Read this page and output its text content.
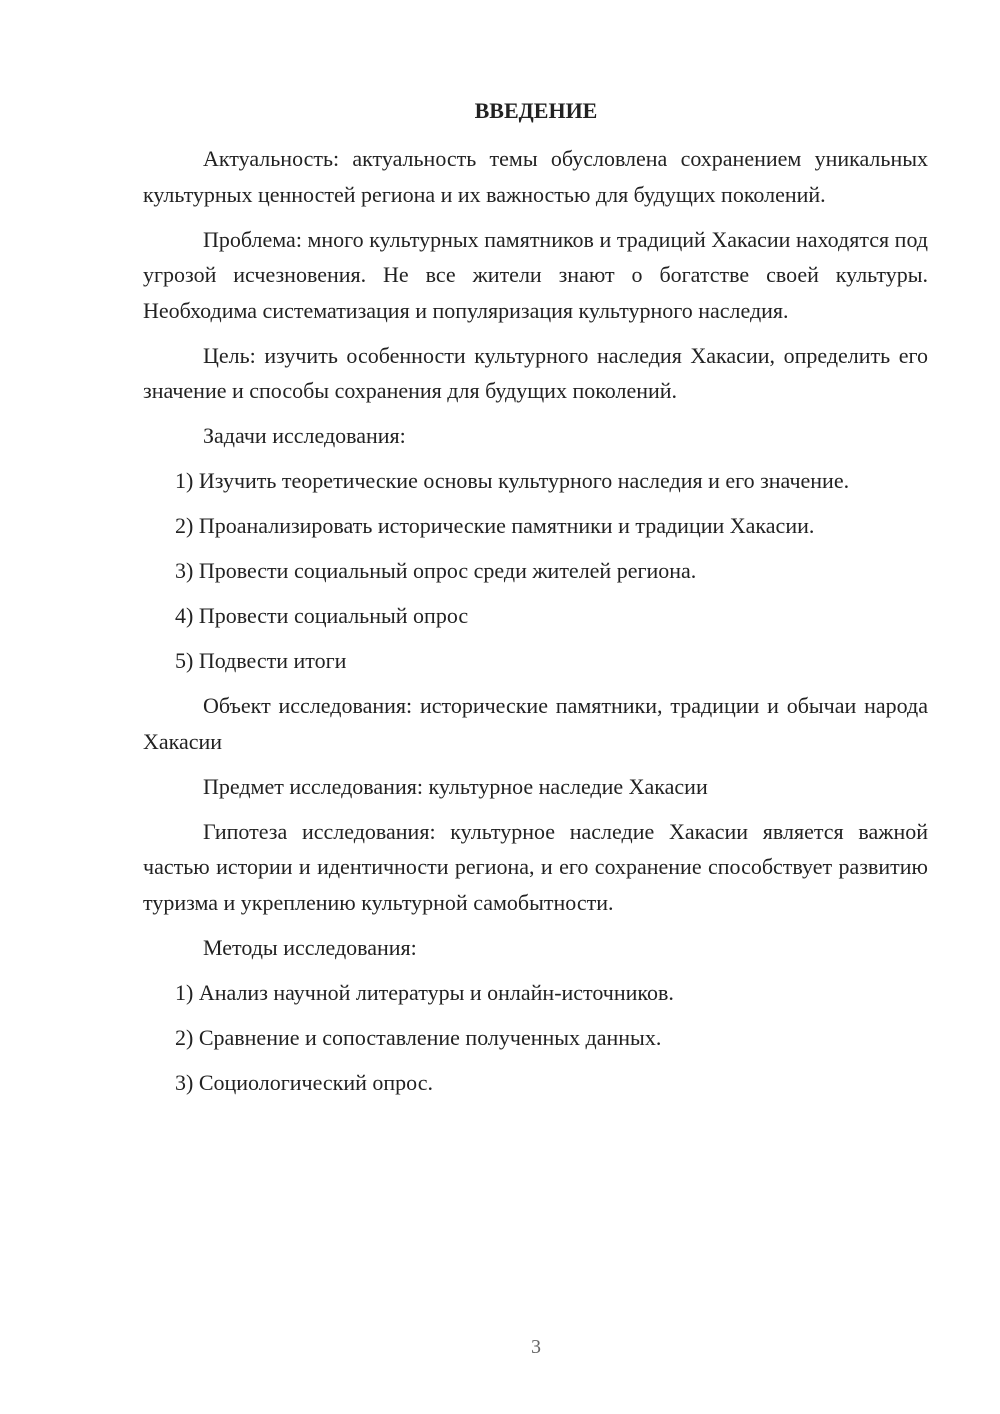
ВВЕДЕНИЕ

Актуальность: актуальность темы обусловлена сохранением уникальных культурных ценностей региона и их важностью для будущих поколений.

Проблема: много культурных памятников и традиций Хакасии находятся под угрозой исчезновения. Не все жители знают о богатстве своей культуры. Необходима систематизация и популяризация культурного наследия.

Цель: изучить особенности культурного наследия Хакасии, определить его значение и способы сохранения для будущих поколений.

Задачи исследования:

1) Изучить теоретические основы культурного наследия и его значение.

2) Проанализировать исторические памятники и традиции Хакасии.

3) Провести социальный опрос среди жителей региона.

4) Провести социальный опрос

5) Подвести итоги

Объект исследования: исторические памятники, традиции и обычаи народа Хакасии

Предмет исследования: культурное наследие Хакасии

Гипотеза исследования: культурное наследие Хакасии является важной частью истории и идентичности региона, и его сохранение способствует развитию туризма и укреплению культурной самобытности.

Методы исследования:

1) Анализ научной литературы и онлайн-источников.

2) Сравнение и сопоставление полученных данных.

3) Социологический опрос.

3
